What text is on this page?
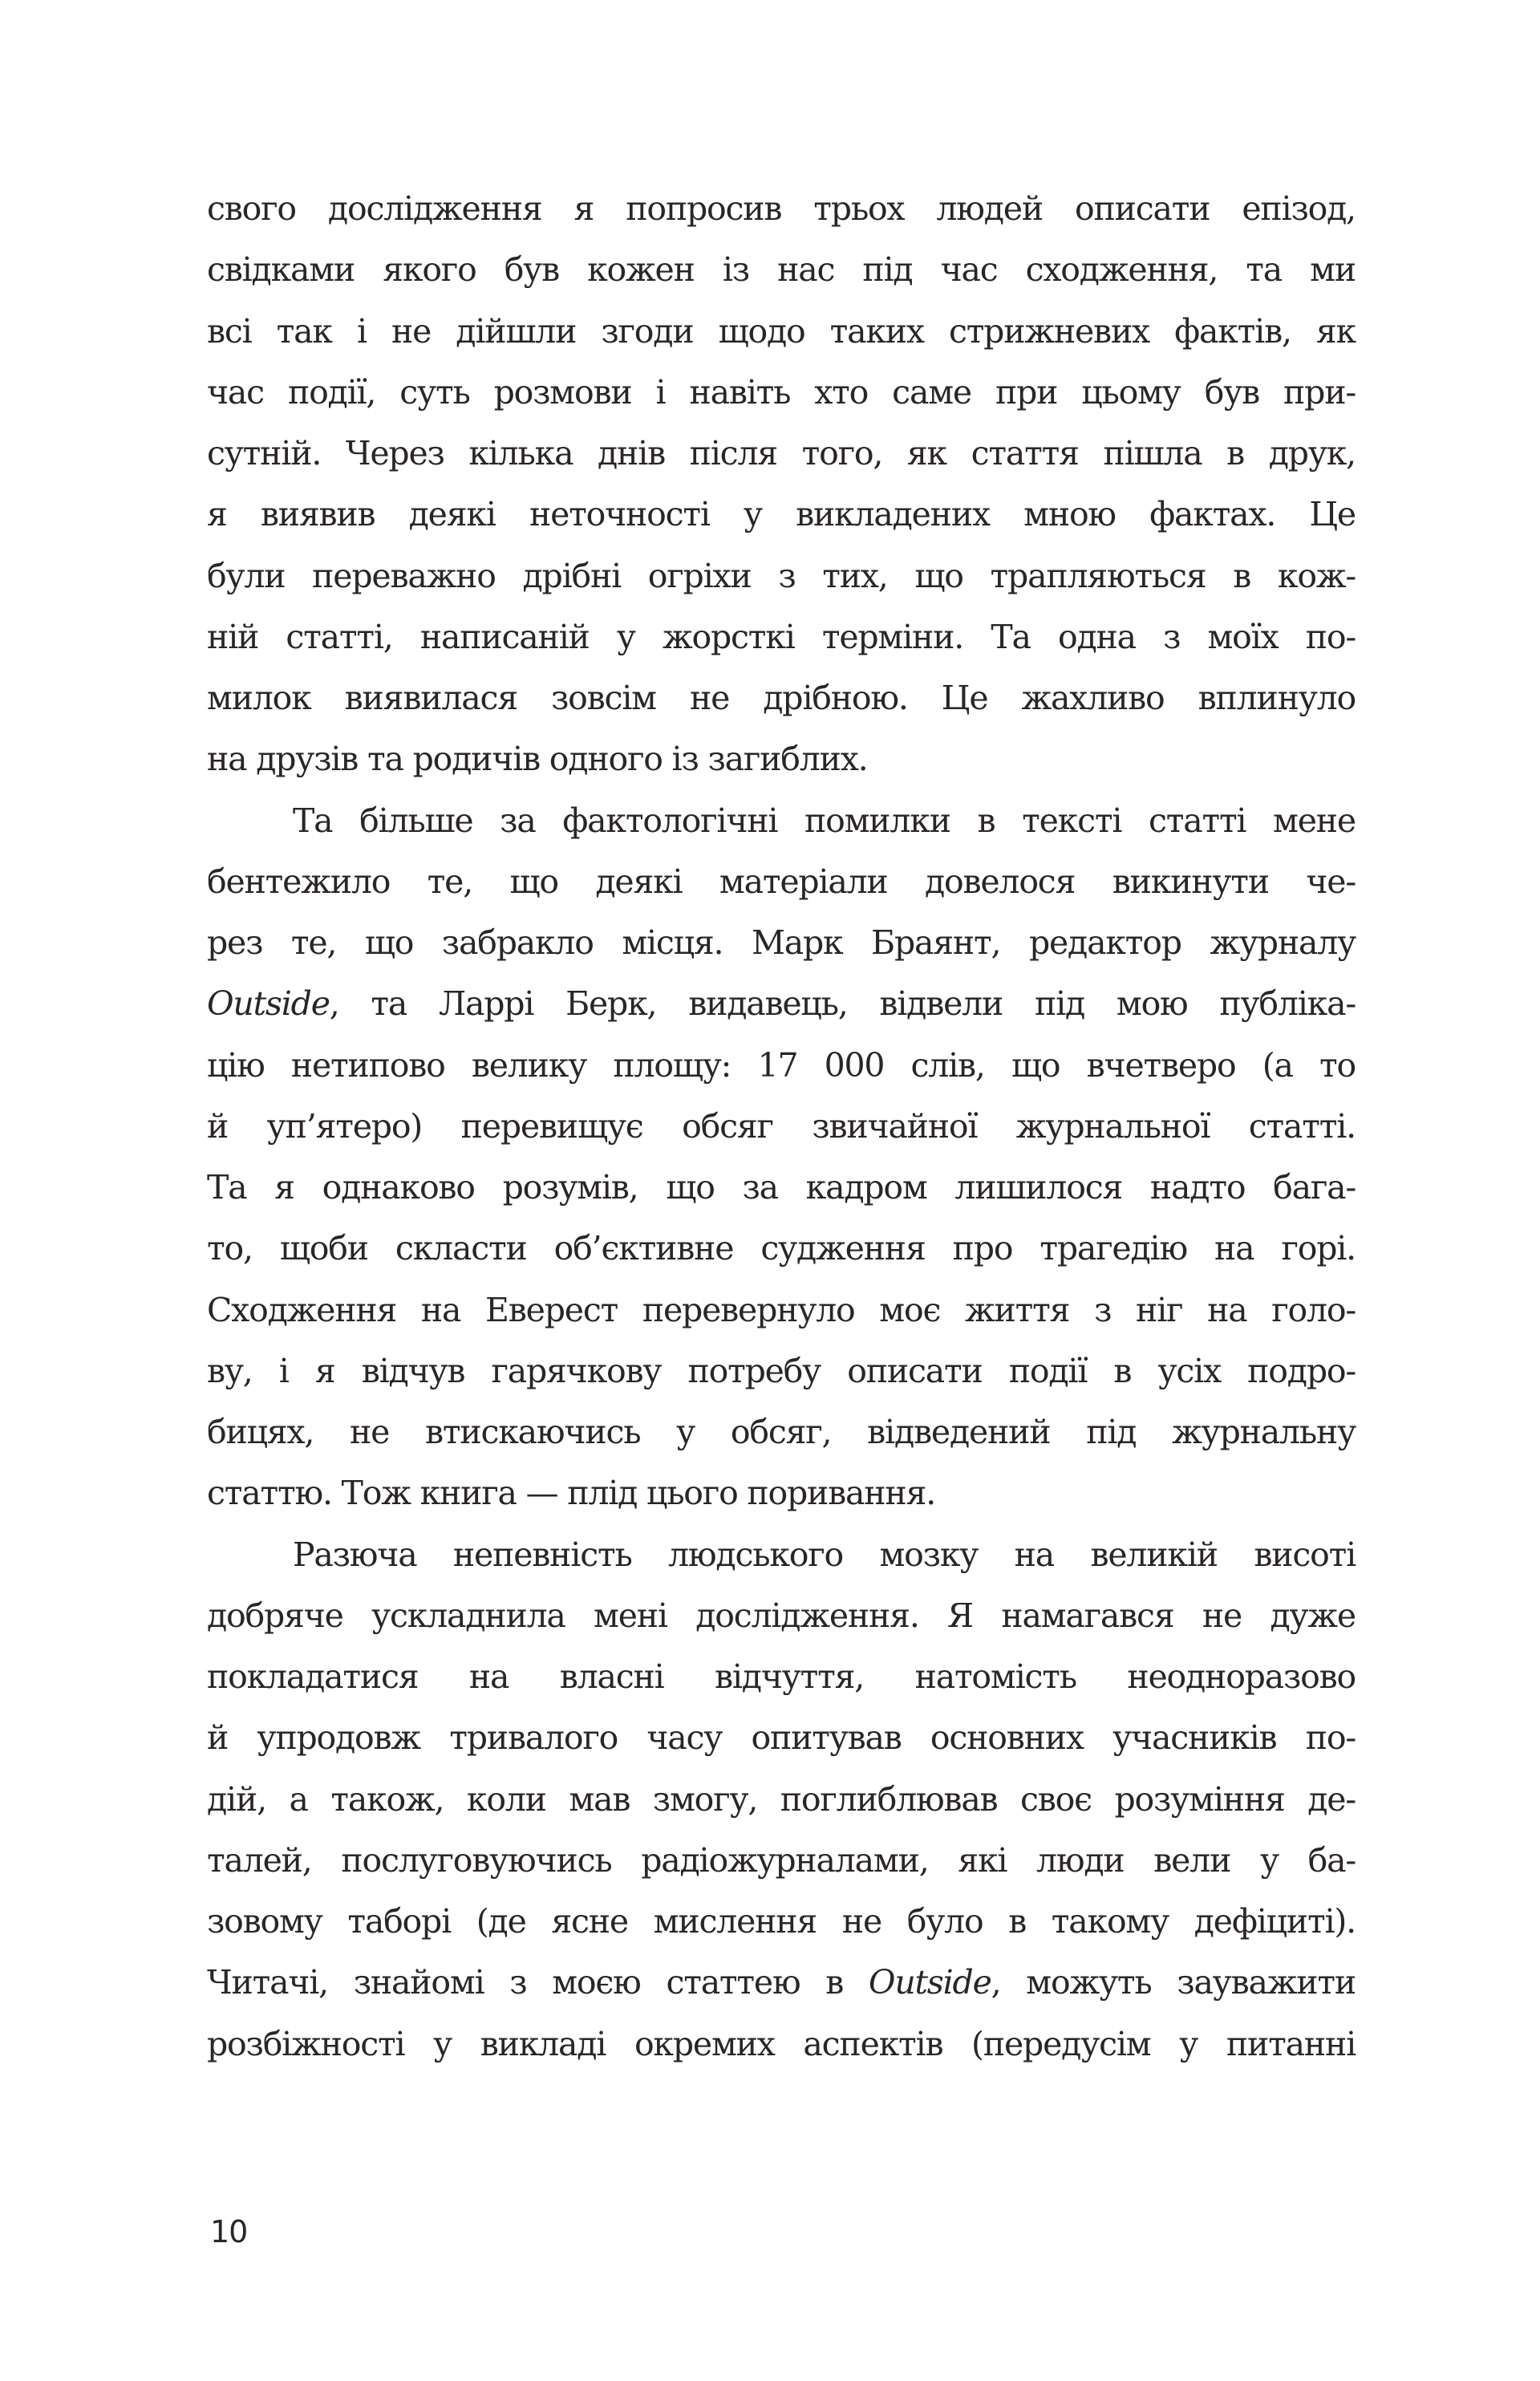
свого дослідження я попросив трьох людей описати епізод,
свідками якого був кожен із нас під час сходження, та ми
всі так і не дійшли згоди щодо таких стрижневих фактів, як
час події, суть розмови і навіть хто саме при цьому був при-
сутній. Через кілька днів після того, як стаття пішла в друк,
я виявив деякі неточності у викладених мною фактах. Це
були переважно дрібні огріхи з тих, що трапляються в кож-
ній статті, написаній у жорсткі терміни. Та одна з моїх по-
милок виявилася зовсім не дрібною. Це жахливо вплинуло
на друзів та родичів одного із загиблих.
Та більше за фактологічні помилки в тексті статті мене
бентежило те, що деякі матеріали довелося викинути че-
рез те, що забракло місця. Марк Браянт, редактор журналу
Outside, та Ларрі Берк, видавець, відвели під мою публіка-
цію нетипово велику площу: 17 000 слів, що вчетверо (а то
й уп’ятеро) перевищує обсяг звичайної журнальної статті.
Та я однаково розумів, що за кадром лишилося надто бага-
то, щоби скласти об’єктивне судження про трагедію на горі.
Сходження на Еверест перевернуло моє життя з ніг на голо-
ву, і я відчув гарячкову потребу описати події в усіх подро-
бицях, не втискаючись у обсяг, відведений під журнальну
статтю. Тож книга — плід цього поривання.
Разюча непевність людського мозку на великій висоті
добряче ускладнила мені дослідження. Я намагався не дуже
покладатися на власні відчуття, натомість неодноразово
й упродовж тривалого часу опитував основних учасників по-
дій, а також, коли мав змогу, поглиблював своє розуміння де-
талей, послуговуючись радіожурналами, які люди вели у ба-
зовому таборі (де ясне мислення не було в такому дефіциті).
Читачі, знайомі з моєю статтею в Outside, можуть зауважити
розбіжності у викладі окремих аспектів (передусім у питанні
10
